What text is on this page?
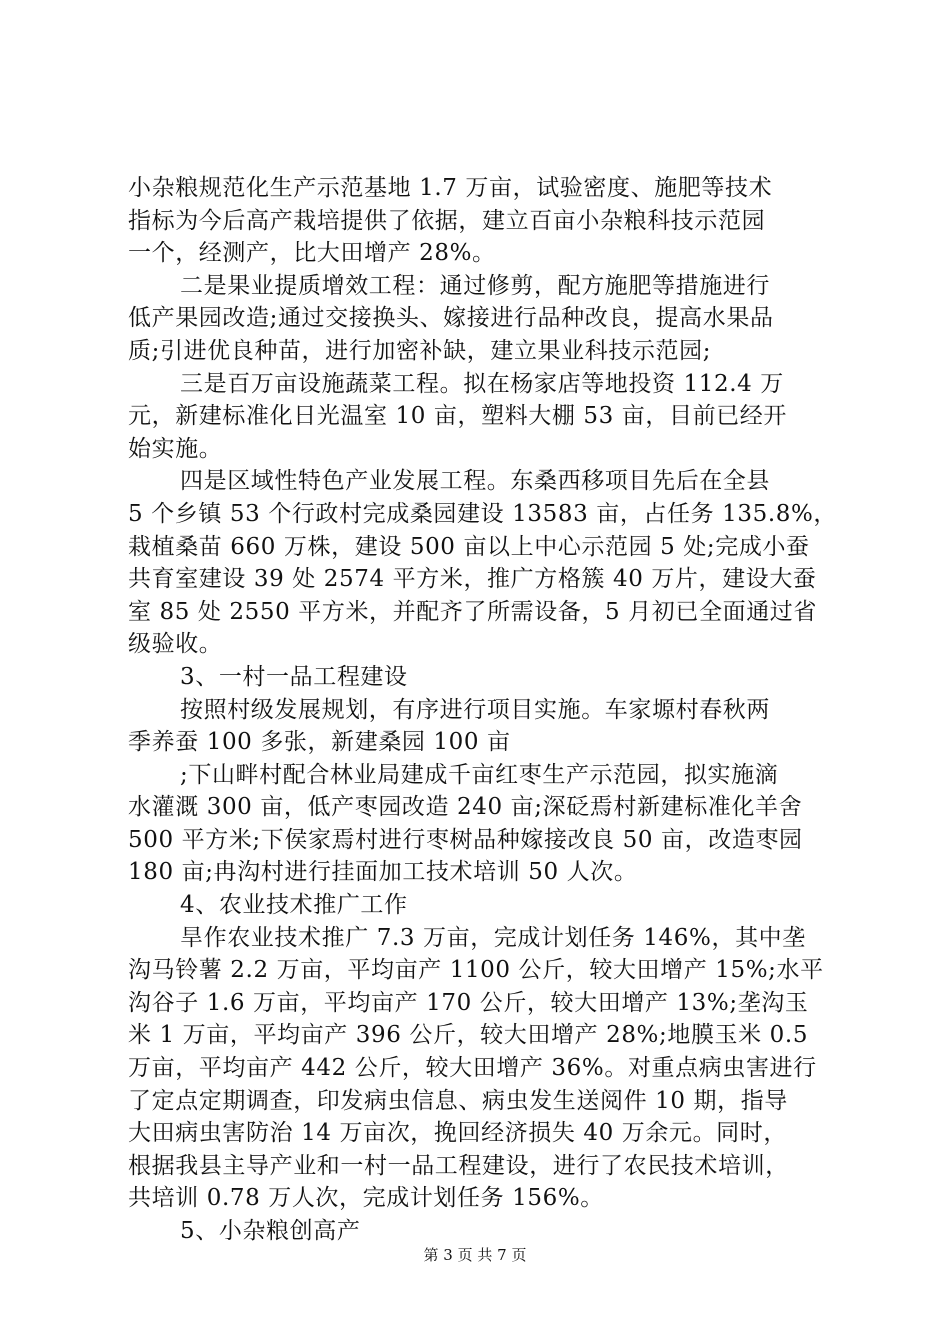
小杂粮规范化生产示范基地 1.7 万亩，试验密度、施肥等技术
指标为今后高产栽培提供了依据，建立百亩小杂粮科技示范园
一个，经测产，比大田增产 28%。
二是果业提质增效工程：通过修剪，配方施肥等措施进行
低产果园改造;通过交接换头、嫁接进行品种改良，提高水果品
质;引进优良种苗，进行加密补缺，建立果业科技示范园;
三是百万亩设施蔬菜工程。拟在杨家店等地投资 112.4 万
元，新建标准化日光温室 10 亩，塑料大棚 53 亩，目前已经开
始实施。
四是区域性特色产业发展工程。东桑西移项目先后在全县
5 个乡镇 53 个行政村完成桑园建设 13583 亩，占任务 135.8%，
栽植桑苗 660 万株，建设 500 亩以上中心示范园 5 处;完成小蚕
共育室建设 39 处 2574 平方米，推广方格簇 40 万片，建设大蚕
室 85 处 2550 平方米，并配齐了所需设备，5 月初已全面通过省
级验收。
3、一村一品工程建设
按照村级发展规划，有序进行项目实施。车家塬村春秋两
季养蚕 100 多张，新建桑园 100 亩
;下山畔村配合林业局建成千亩红枣生产示范园，拟实施滴
水灌溉 300 亩，低产枣园改造 240 亩;深砭焉村新建标准化羊舍
500 平方米;下侯家焉村进行枣树品种嫁接改良 50 亩，改造枣园
180 亩;冉沟村进行挂面加工技术培训 50 人次。
4、农业技术推广工作
旱作农业技术推广 7.3 万亩，完成计划任务 146%，其中垄
沟马铃薯 2.2 万亩，平均亩产 1100 公斤，较大田增产 15%;水平
沟谷子 1.6 万亩，平均亩产 170 公斤，较大田增产 13%;垄沟玉
米 1 万亩，平均亩产 396 公斤，较大田增产 28%;地膜玉米 0.5
万亩，平均亩产 442 公斤，较大田增产 36%。对重点病虫害进行
了定点定期调查，印发病虫信息、病虫发生送阅件 10 期，指导
大田病虫害防治 14 万亩次，挽回经济损失 40 万余元。同时，
根据我县主导产业和一村一品工程建设，进行了农民技术培训，
共培训 0.78 万人次，完成计划任务 156%。
5、小杂粮创高产
第 3 页 共 7 页
